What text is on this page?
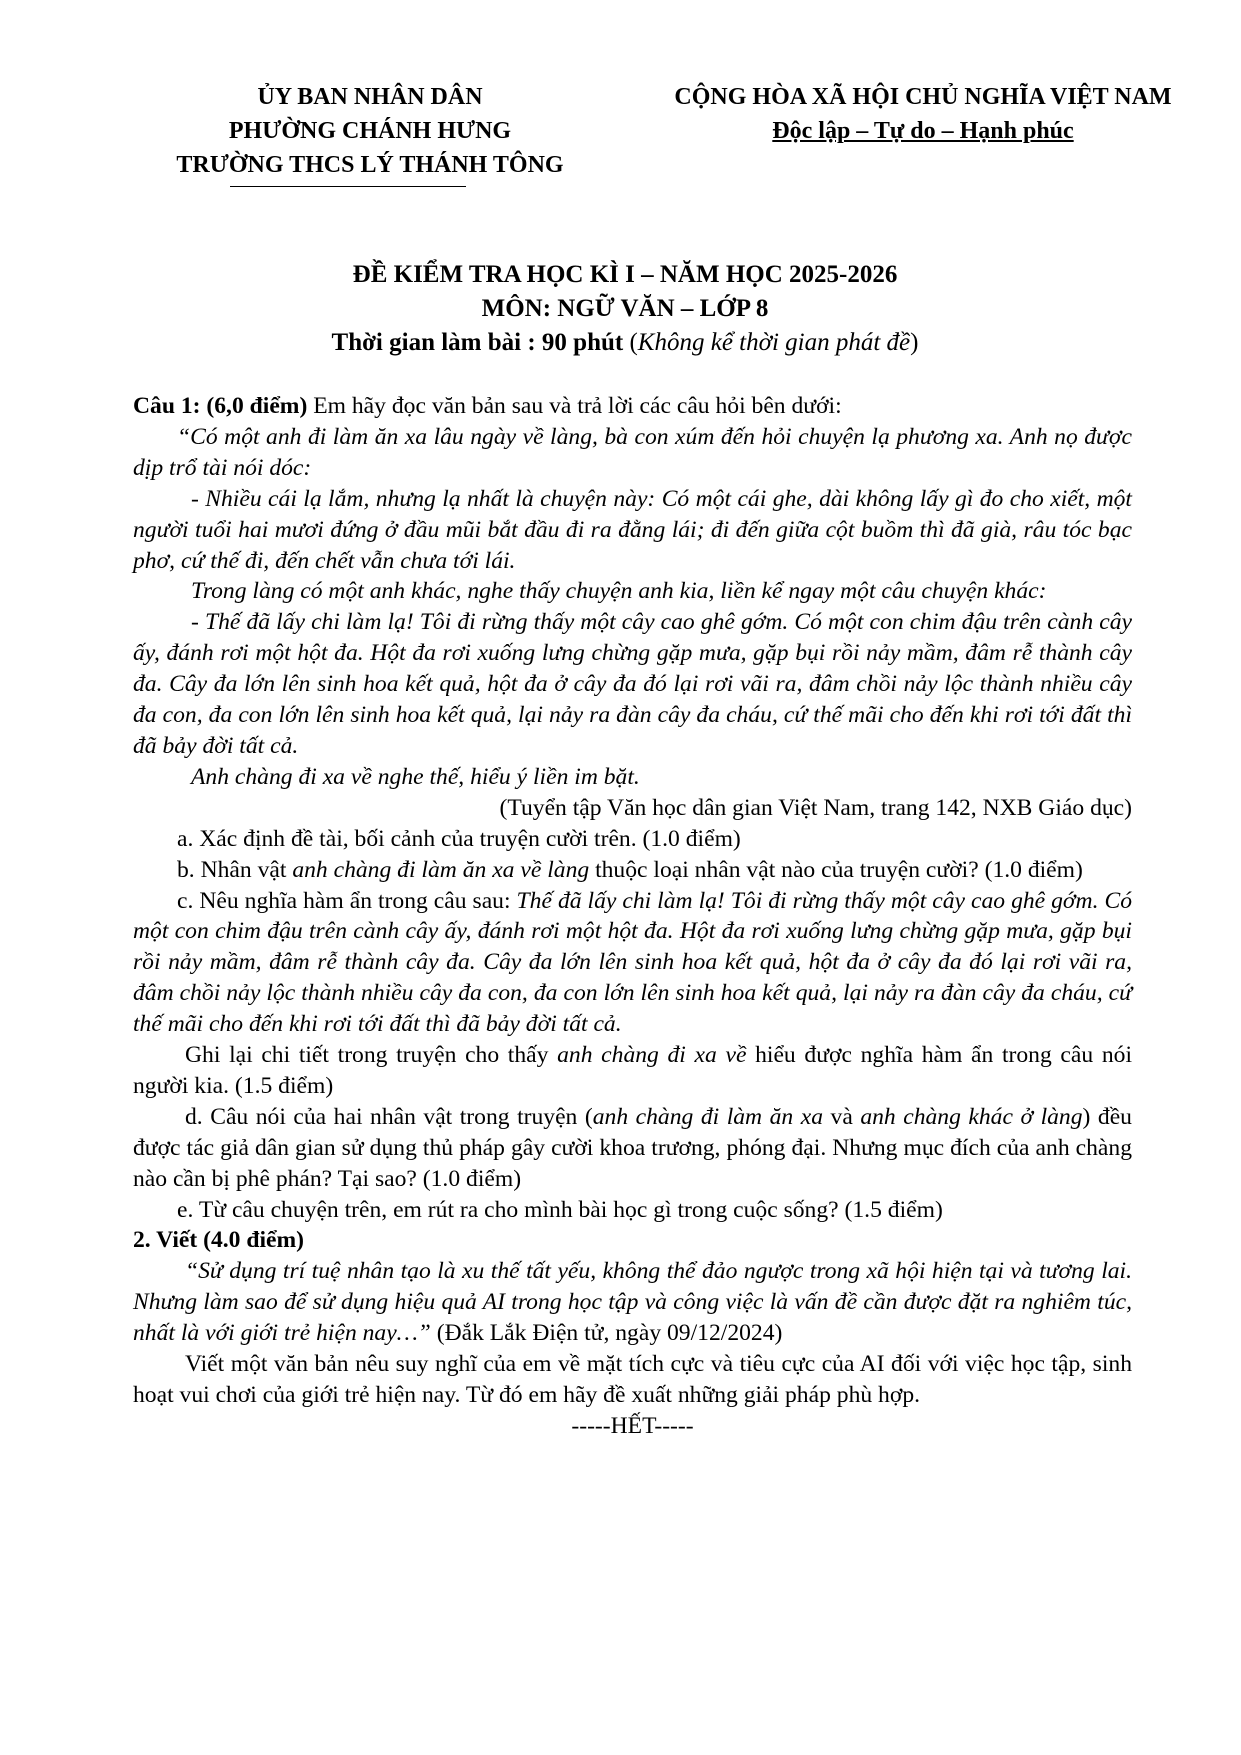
ỦY BAN NHÂN DÂN
PHƯỜNG CHÁNH HƯNG
TRƯỜNG THCS LÝ THÁNH TÔNG
CỘNG HÒA XÃ HỘI CHỦ NGHĨA VIỆT NAM
Độc lập – Tự do – Hạnh phúc
ĐỀ KIỂM TRA HỌC KÌ I – NĂM HỌC 2025-2026
MÔN: NGỮ VĂN – LỚP 8
Thời gian làm bài : 90 phút (Không kể thời gian phát đề)

Câu 1: (6,0 điểm) Em hãy đọc văn bản sau và trả lời các câu hỏi bên dưới:

“Có một anh đi làm ăn xa lâu ngày về làng, bà con xúm đến hỏi chuyện lạ phương xa. Anh nọ được dịp trổ tài nói dóc:

- Nhiều cái lạ lắm, nhưng lạ nhất là chuyện này: Có một cái ghe, dài không lấy gì đo cho xiết, một người tuổi hai mươi đứng ở đầu mũi bắt đầu đi ra đằng lái; đi đến giữa cột buồm thì đã già, râu tóc bạc phơ, cứ thế đi, đến chết vẫn chưa tới lái.

Trong làng có một anh khác, nghe thấy chuyện anh kia, liền kể ngay một câu chuyện khác:

- Thế đã lấy chi làm lạ! Tôi đi rừng thấy một cây cao ghê gớm. Có một con chim đậu trên cành cây ấy, đánh rơi một hột đa. Hột đa rơi xuống lưng chừng gặp mưa, gặp bụi rồi nảy mầm, đâm rễ thành cây đa. Cây đa lớn lên sinh hoa kết quả, hột đa ở cây đa đó lại rơi vãi ra, đâm chồi nảy lộc thành nhiều cây đa con, đa con lớn lên sinh hoa kết quả, lại nảy ra đàn cây đa cháu, cứ thế mãi cho đến khi rơi tới đất thì đã bảy đời tất cả.

Anh chàng đi xa về nghe thế, hiểu ý liền im bặt.

(Tuyển tập Văn học dân gian Việt Nam, trang 142, NXB Giáo dục)

a. Xác định đề tài, bối cảnh của truyện cười trên. (1.0 điểm)

b. Nhân vật anh chàng đi làm ăn xa về làng thuộc loại nhân vật nào của truyện cười? (1.0 điểm)

c. Nêu nghĩa hàm ẩn trong câu sau: Thế đã lấy chi làm lạ! Tôi đi rừng thấy một cây cao ghê gớm. Có một con chim đậu trên cành cây ấy, đánh rơi một hột đa. Hột đa rơi xuống lưng chừng gặp mưa, gặp bụi rồi nảy mầm, đâm rễ thành cây đa. Cây đa lớn lên sinh hoa kết quả, hột đa ở cây đa đó lại rơi vãi ra, đâm chồi nảy lộc thành nhiều cây đa con, đa con lớn lên sinh hoa kết quả, lại nảy ra đàn cây đa cháu, cứ thế mãi cho đến khi rơi tới đất thì đã bảy đời tất cả.

Ghi lại chi tiết trong truyện cho thấy anh chàng đi xa về hiểu được nghĩa hàm ẩn trong câu nói người kia. (1.5 điểm)

d. Câu nói của hai nhân vật trong truyện (anh chàng đi làm ăn xa và anh chàng khác ở làng) đều được tác giả dân gian sử dụng thủ pháp gây cười khoa trương, phóng đại. Nhưng mục đích của anh chàng nào cần bị phê phán? Tại sao? (1.0 điểm)

e. Từ câu chuyện trên, em rút ra cho mình bài học gì trong cuộc sống? (1.5 điểm)

2. Viết (4.0 điểm)

“Sử dụng trí tuệ nhân tạo là xu thế tất yếu, không thể đảo ngược trong xã hội hiện tại và tương lai. Nhưng làm sao để sử dụng hiệu quả AI trong học tập và công việc là vấn đề cần được đặt ra nghiêm túc, nhất là với giới trẻ hiện nay…” (Đắk Lắk Điện tử, ngày 09/12/2024)

Viết một văn bản nêu suy nghĩ của em về mặt tích cực và tiêu cực của AI đối với việc học tập, sinh hoạt vui chơi của giới trẻ hiện nay. Từ đó em hãy đề xuất những giải pháp phù hợp.

-----HẾT-----
